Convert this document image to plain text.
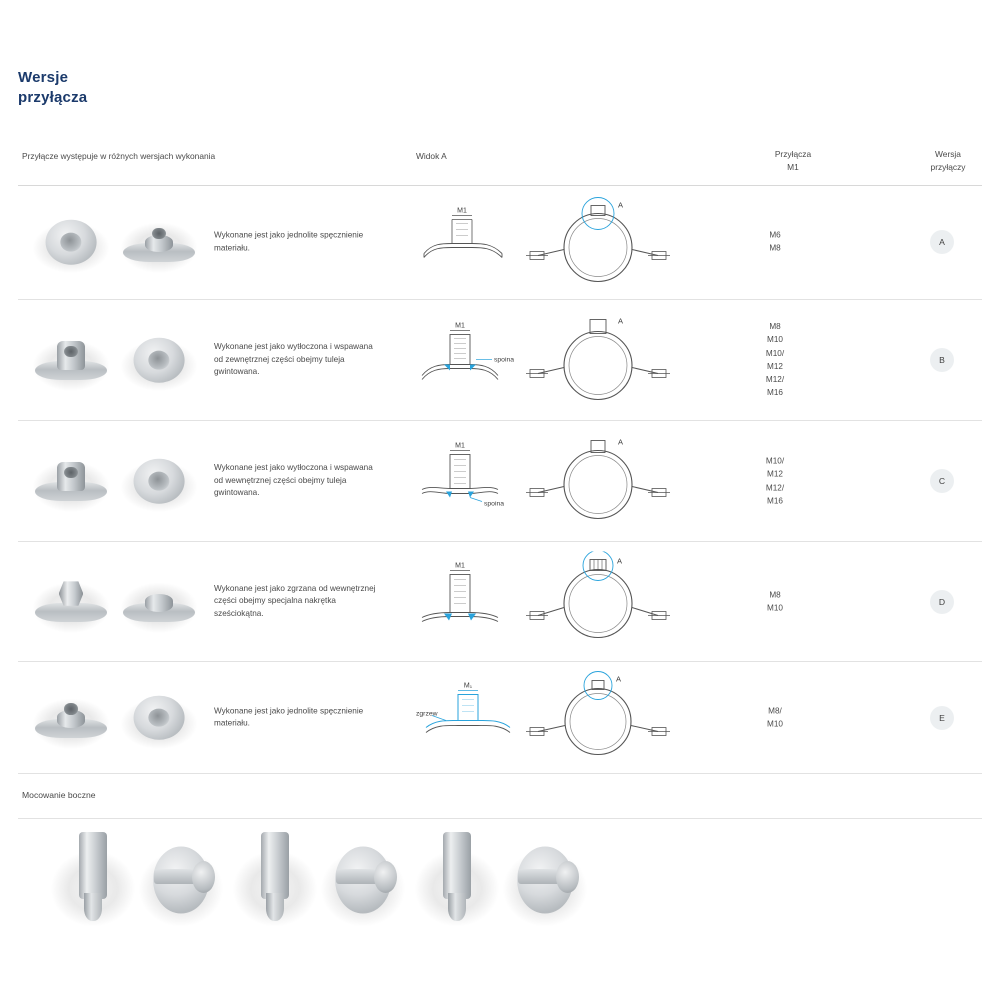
Wersje
przyłącza
Przyłącze występuje w różnych wersjach wykonania	Widok A	Przyłącza
M1
Wersja
przyłączy
Wykonane jest jako jednolite spęcznienie materiału.
M1
A
M6
M8
A
Wykonane jest jako wytłoczona i wspawana od zewnętrznej części obejmy tuleja gwintowana.
M1
spoina
A
M8
M10
M10/
M12
M12/
M16
B
Wykonane jest jako wytłoczona i wspawana od wewnętrznej części obejmy tuleja gwintowana.
M1
spoina
A
M10/
M12
M12/
M16
C
Wykonane jest jako zgrzana od wewnętrznej części obejmy specjalna nakrętka sześciokątna.
M1
A
M8
M10
D
Wykonane jest jako jednolite spęcznienie materiału.
M₁
zgrzew
A
M8/
M10
E
Mocowanie boczne
